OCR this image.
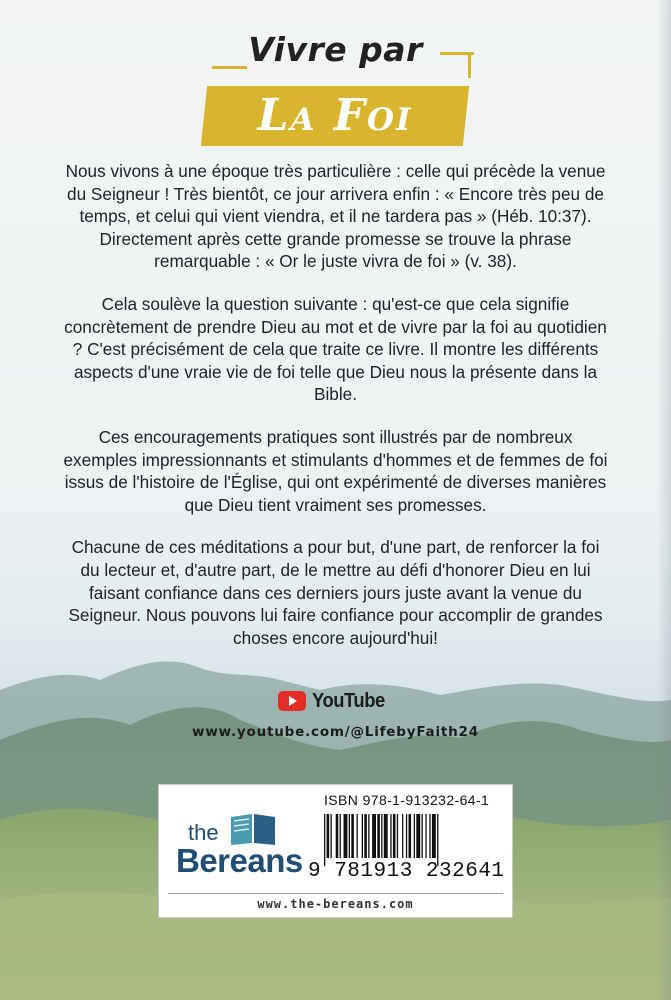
Vivre par
La Foi

Nous vivons à une époque très particulière : celle qui précède la venue du Seigneur ! Très bientôt, ce jour arrivera enfin : « Encore très peu de temps, et celui qui vient viendra, et il ne tardera pas » (Héb. 10:37). Directement après cette grande promesse se trouve la phrase remarquable : « Or le juste vivra de foi » (v. 38).

Cela soulève la question suivante : qu'est-ce que cela signifie concrètement de prendre Dieu au mot et de vivre par la foi au quotidien ? C'est précisément de cela que traite ce livre. Il montre les différents aspects d'une vraie vie de foi telle que Dieu nous la présente dans la Bible.

Ces encouragements pratiques sont illustrés par de nombreux exemples impressionnants et stimulants d'hommes et de femmes de foi issus de l'histoire de l'Église, qui ont expérimenté de diverses manières que Dieu tient vraiment ses promesses.

Chacune de ces méditations a pour but, d'une part, de renforcer la foi du lecteur et, d'autre part, de le mettre au défi d'honorer Dieu en lui faisant confiance dans ces derniers jours juste avant la venue du Seigneur. Nous pouvons lui faire confiance pour accomplir de grandes choses encore aujourd'hui!

YouTube
www.youtube.com/@LifebyFaith24
the
Bereans
ISBN 978-1-913232-64-1
9 781913 232641
www.the-bereans.com
